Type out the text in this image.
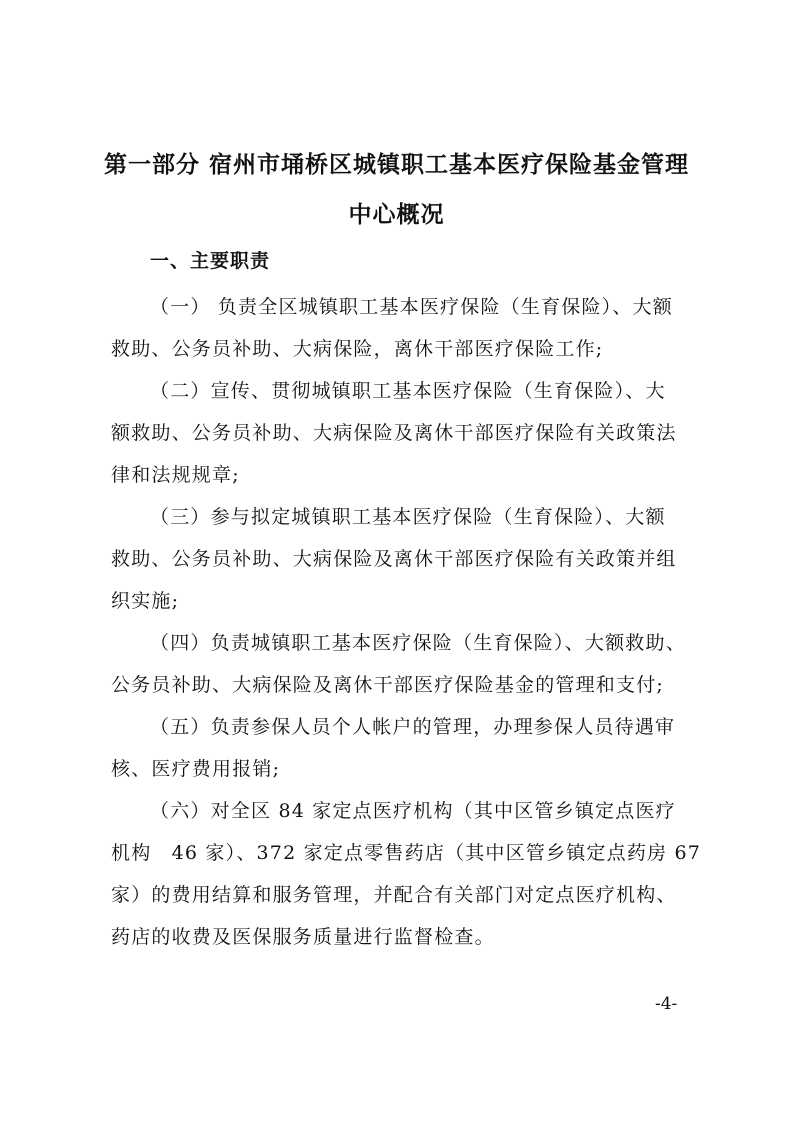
第一部分 宿州市埇桥区城镇职工基本医疗保险基金管理
中心概况
一、主要职责
（一） 负责全区城镇职工基本医疗保险（生育保险）、大额
救助、公务员补助、大病保险，离休干部医疗保险工作;
（二）宣传、贯彻城镇职工基本医疗保险（生育保险）、大
额救助、公务员补助、大病保险及离休干部医疗保险有关政策法
律和法规规章;
（三）参与拟定城镇职工基本医疗保险（生育保险）、大额
救助、公务员补助、大病保险及离休干部医疗保险有关政策并组
织实施;
（四）负责城镇职工基本医疗保险（生育保险）、大额救助、
公务员补助、大病保险及离休干部医疗保险基金的管理和支付;
（五）负责参保人员个人帐户的管理，办理参保人员待遇审
核、医疗费用报销;
（六）对全区 84 家定点医疗机构（其中区管乡镇定点医疗
机构　46 家）、372 家定点零售药店（其中区管乡镇定点药房 67
家）的费用结算和服务管理，并配合有关部门对定点医疗机构、
药店的收费及医保服务质量进行监督检查。
-4-
